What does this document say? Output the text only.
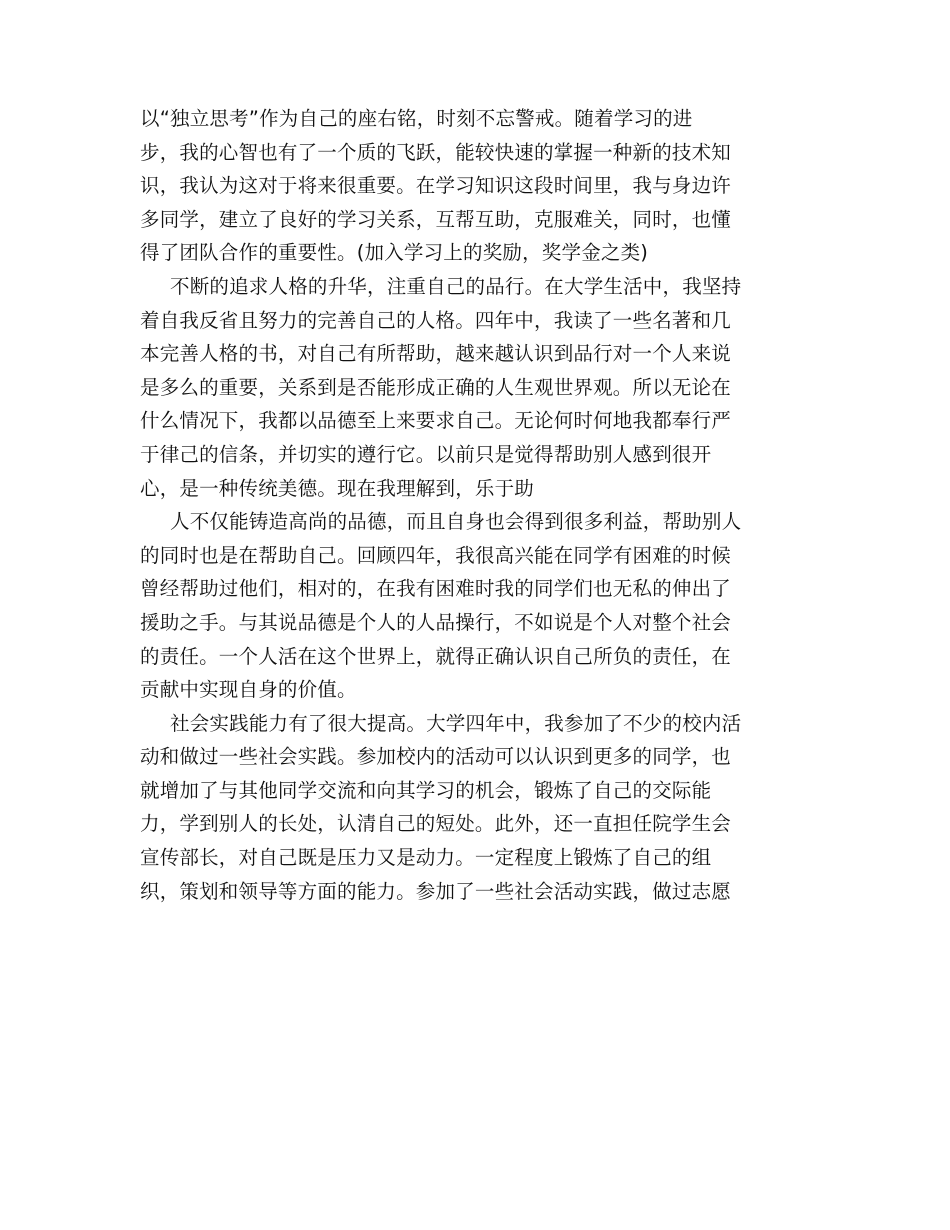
以“独立思考”作为自己的座右铭，时刻不忘警戒。随着学习的进
步，我的心智也有了一个质的飞跃，能较快速的掌握一种新的技术知
识，我认为这对于将来很重要。在学习知识这段时间里，我与身边许
多同学，建立了良好的学习关系，互帮互助，克服难关，同时，也懂
得了团队合作的重要性。(加入学习上的奖励，奖学金之类)
不断的追求人格的升华，注重自己的品行。在大学生活中，我坚持
着自我反省且努力的完善自己的人格。四年中，我读了一些名著和几
本完善人格的书，对自己有所帮助，越来越认识到品行对一个人来说
是多么的重要，关系到是否能形成正确的人生观世界观。所以无论在
什么情况下，我都以品德至上来要求自己。无论何时何地我都奉行严
于律己的信条，并切实的遵行它。以前只是觉得帮助别人感到很开
心，是一种传统美德。现在我理解到，乐于助
人不仅能铸造高尚的品德，而且自身也会得到很多利益，帮助别人
的同时也是在帮助自己。回顾四年，我很高兴能在同学有困难的时候
曾经帮助过他们，相对的，在我有困难时我的同学们也无私的伸出了
援助之手。与其说品德是个人的人品操行，不如说是个人对整个社会
的责任。一个人活在这个世界上，就得正确认识自己所负的责任，在
贡献中实现自身的价值。
社会实践能力有了很大提高。大学四年中，我参加了不少的校内活
动和做过一些社会实践。参加校内的活动可以认识到更多的同学，也
就增加了与其他同学交流和向其学习的机会，锻炼了自己的交际能
力，学到别人的长处，认清自己的短处。此外，还一直担任院学生会
宣传部长，对自己既是压力又是动力。一定程度上锻炼了自己的组
织，策划和领导等方面的能力。参加了一些社会活动实践，做过志愿
